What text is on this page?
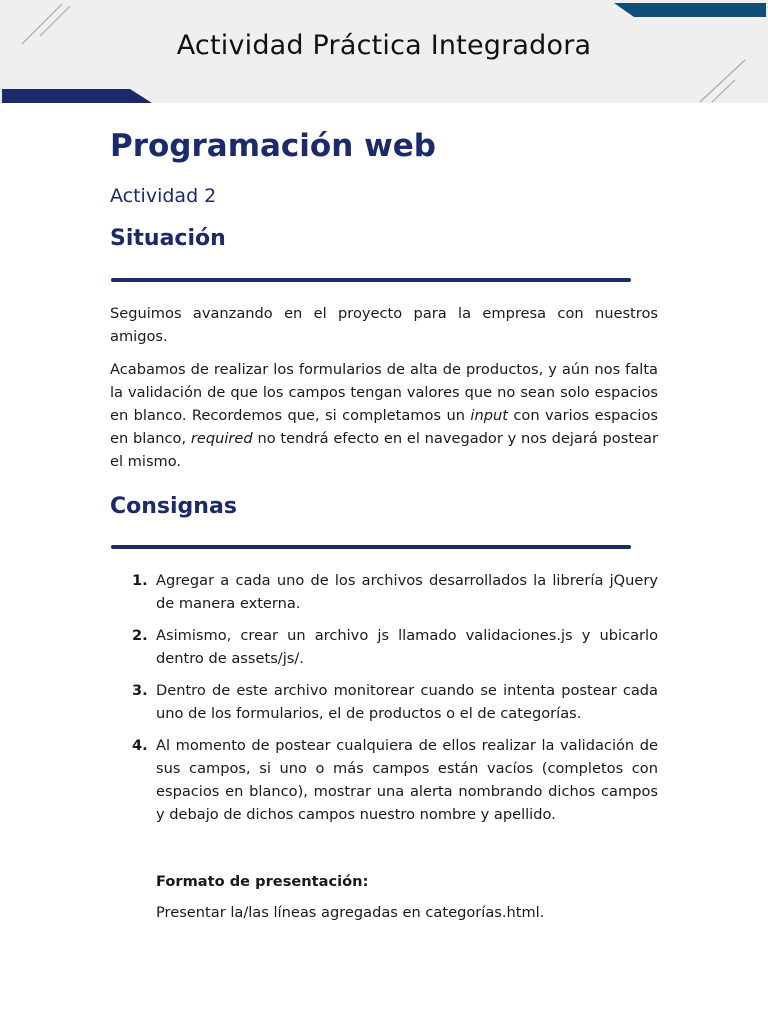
Actividad Práctica Integradora
Programación web
Actividad 2
Situación

Seguimos avanzando en el proyecto para la empresa con nuestros amigos.

Acabamos de realizar los formularios de alta de productos, y aún nos falta la validación de que los campos tengan valores que no sean solo espacios en blanco. Recordemos que, si completamos un input con varios espacios en blanco, required no tendrá efecto en el navegador y nos dejará postear el mismo.

Consignas
1. Agregar a cada uno de los archivos desarrollados la librería jQuery de manera externa.

2. Asimismo, crear un archivo js llamado validaciones.js y ubicarlo dentro de assets/js/.

3. Dentro de este archivo monitorear cuando se intenta postear cada uno de los formularios, el de productos o el de categorías.

4. Al momento de postear cualquiera de ellos realizar la validación de sus campos, si uno o más campos están vacíos (completos con espacios en blanco), mostrar una alerta nombrando dichos campos y debajo de dichos campos nuestro nombre y apellido.

Formato de presentación:

Presentar la/las líneas agregadas en categorías.html.
